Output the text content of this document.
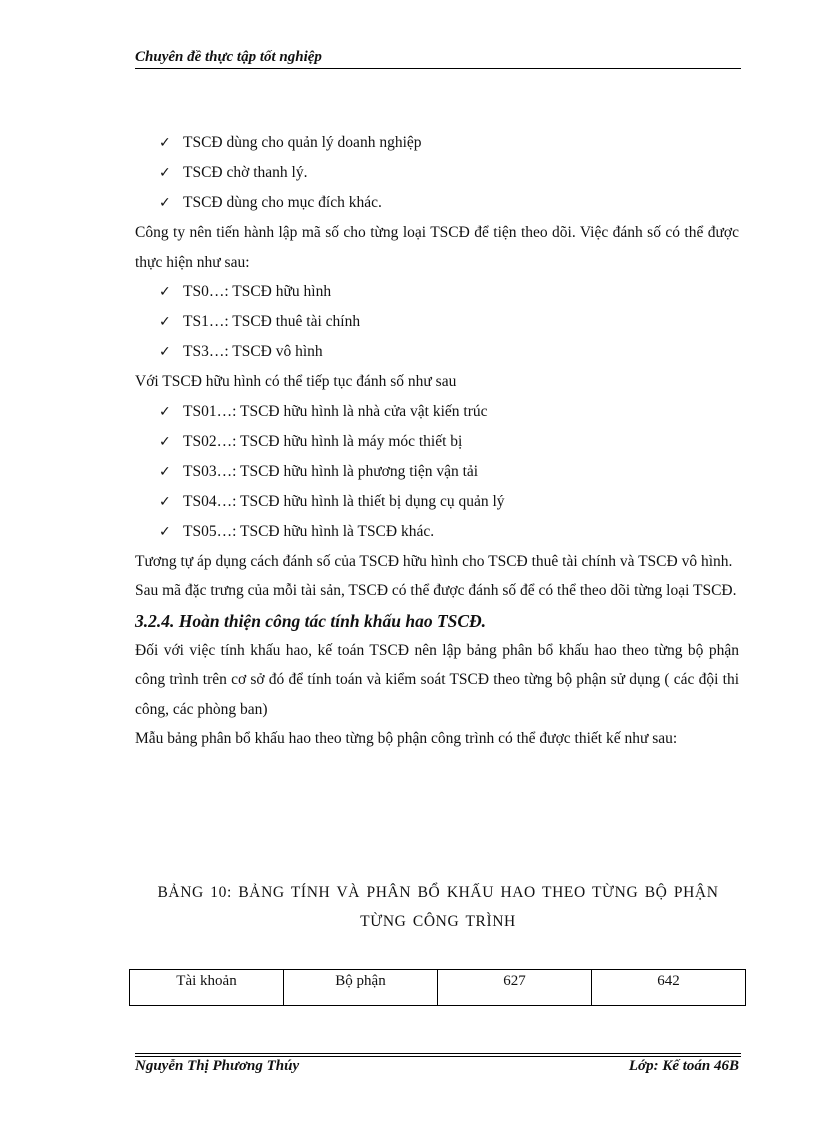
Chuyên đề thực tập tốt nghiệp
✓ TSCĐ dùng cho quản lý doanh nghiệp
✓ TSCĐ chờ thanh lý.
✓ TSCĐ dùng cho mục đích khác.

Công ty nên tiến hành lập mã số cho từng loại TSCĐ để tiện theo dõi. Việc đánh số có thể được thực hiện như sau:

✓ TS0…: TSCĐ hữu hình
✓ TS1…: TSCĐ thuê tài chính
✓ TS3…: TSCĐ vô hình

Với TSCĐ hữu hình có thể tiếp tục đánh số như sau

✓ TS01…: TSCĐ hữu hình là nhà cửa vật kiến trúc
✓ TS02…: TSCĐ hữu hình là máy móc thiết bị
✓ TS03…: TSCĐ hữu hình là phương tiện vận tải
✓ TS04…: TSCĐ hữu hình là thiết bị dụng cụ quản lý
✓ TS05…: TSCĐ hữu hình là TSCĐ khác.

Tương tự áp dụng cách đánh số của TSCĐ hữu hình cho TSCĐ thuê tài chính và TSCĐ vô hình.

Sau mã đặc trưng của mỗi tài sản, TSCĐ có thể được đánh số để có thể theo dõi từng loại TSCĐ.

3.2.4. Hoàn thiện công tác tính khấu hao TSCĐ.

Đối với việc tính khấu hao, kế toán TSCĐ nên lập bảng phân bổ khấu hao theo từng bộ phận công trình trên cơ sở đó để tính toán và kiểm soát TSCĐ theo từng bộ phận sử dụng ( các đội thi công, các phòng ban)

Mẫu bảng phân bổ khấu hao theo từng bộ phận công trình có thể được thiết kế như sau:

BẢNG 10: BẢNG TÍNH VÀ PHÂN BỔ KHẤU HAO THEO TỪNG BỘ PHẬN
TỪNG CÔNG TRÌNH
Tài khoản	Bộ phận	627	642
Nguyễn Thị Phương Thúy	Lớp: Kế toán 46B
